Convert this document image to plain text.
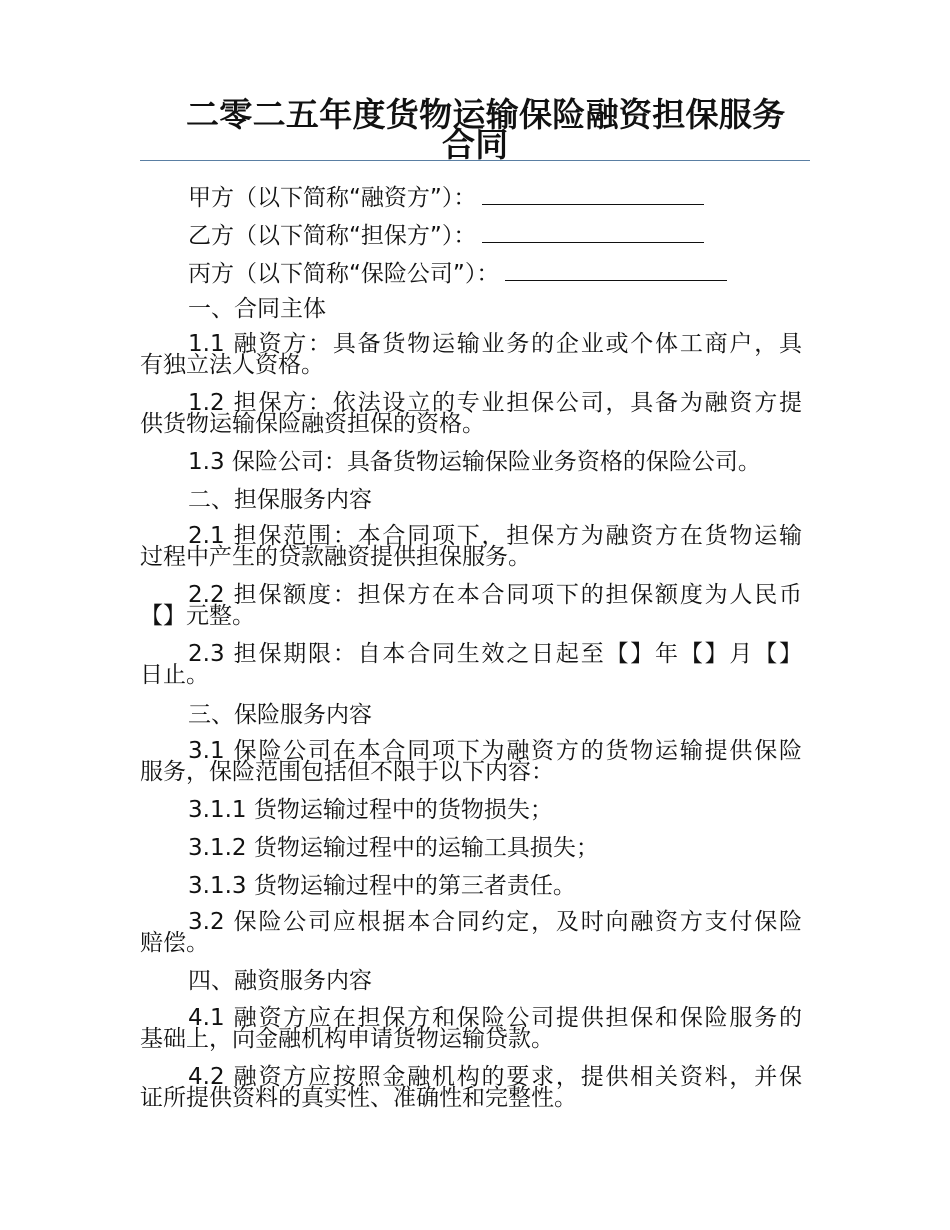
二零二五年度货物运输保险融资担保服务
合同

甲方（以下简称“融资方”）：

乙方（以下简称“担保方”）：

丙方（以下简称“保险公司”）：

一、合同主体

1.1 融资方：具备货物运输业务的企业或个体工商户，具
有独立法人资格。

1.2 担保方：依法设立的专业担保公司，具备为融资方提
供货物运输保险融资担保的资格。

1.3 保险公司：具备货物运输保险业务资格的保险公司。

二、担保服务内容

2.1 担保范围：本合同项下，担保方为融资方在货物运输
过程中产生的贷款融资提供担保服务。

2.2 担保额度：担保方在本合同项下的担保额度为人民币
【】元整。

2.3 担保期限：自本合同生效之日起至【】年【】月【】
日止。

三、保险服务内容

3.1 保险公司在本合同项下为融资方的货物运输提供保险
服务，保险范围包括但不限于以下内容：

3.1.1 货物运输过程中的货物损失；

3.1.2 货物运输过程中的运输工具损失；

3.1.3 货物运输过程中的第三者责任。

3.2 保险公司应根据本合同约定，及时向融资方支付保险
赔偿。

四、融资服务内容

4.1 融资方应在担保方和保险公司提供担保和保险服务的
基础上，向金融机构申请货物运输贷款。

4.2 融资方应按照金融机构的要求，提供相关资料，并保
证所提供资料的真实性、准确性和完整性。
